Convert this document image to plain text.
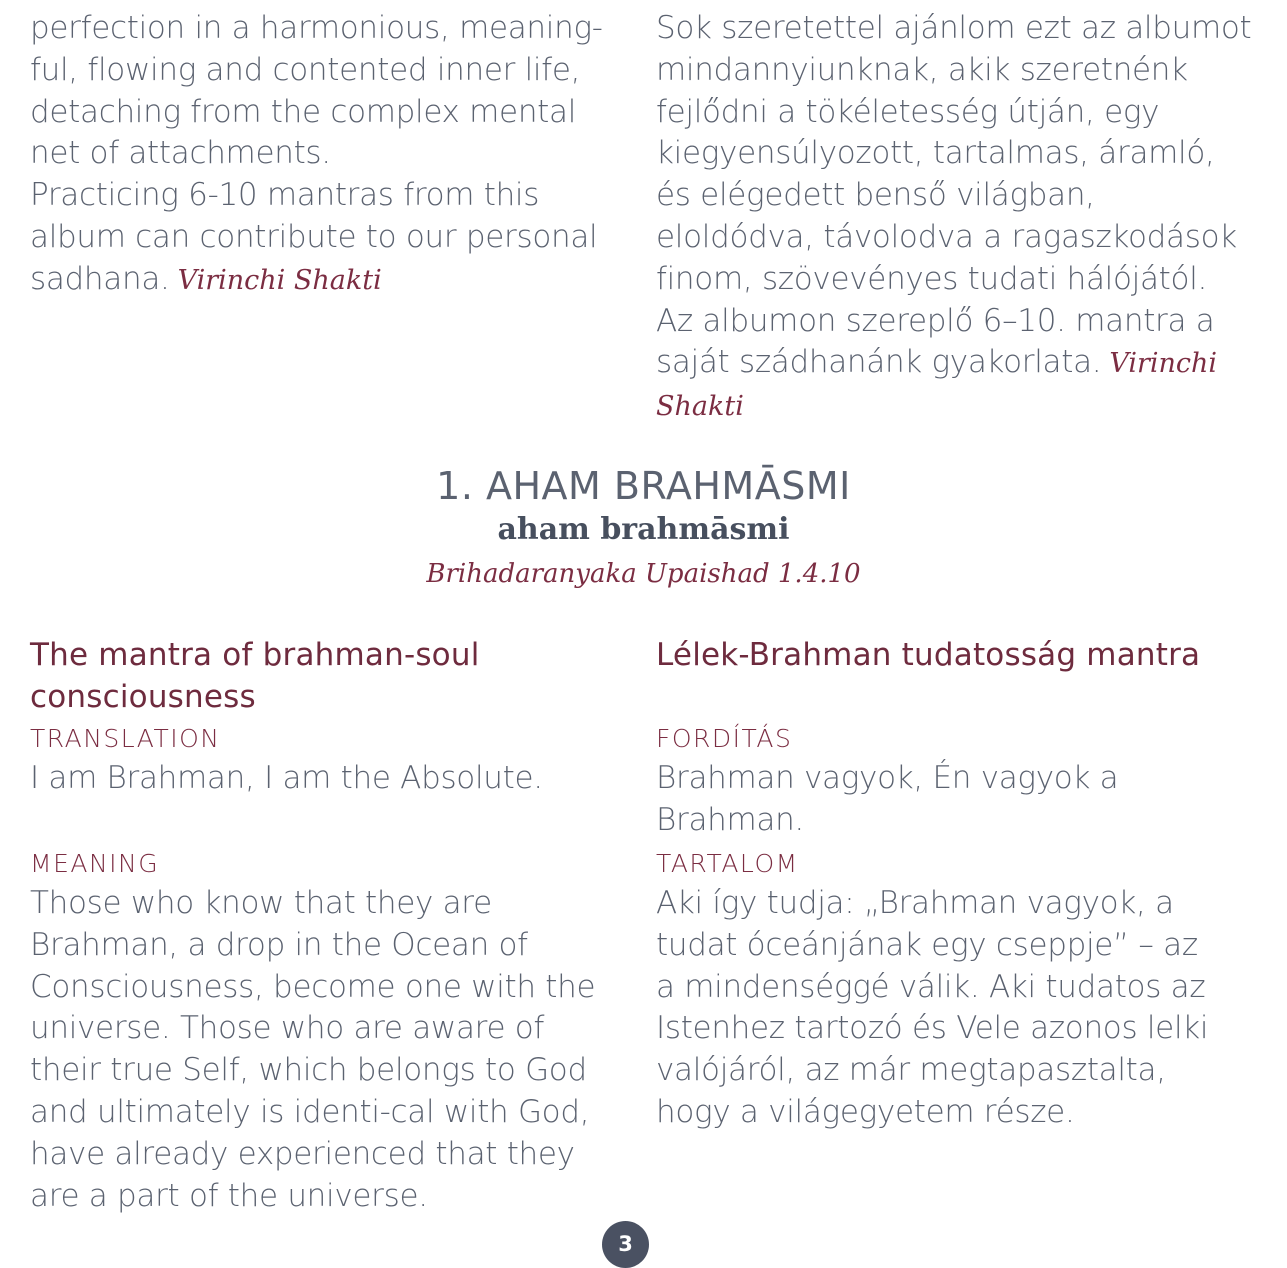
perfection in a harmonious, meaning-ful, flowing and contented inner life, detaching from the complex mental net of attachments.

Practicing 6-10 mantras from this album can contribute to our personal sadhana. Virinchi Shakti

Sok szeretettel ajánlom ezt az albumot mindannyiunknak, akik szeretnénk fejlődni a tökéletesség útján, egy kiegyensúlyozott, tartalmas, áramló, és elégedett benső világban, eloldódva, távolodva a ragaszkodások finom, szövevényes tudati hálójától.

Az albumon szereplő 6–10. mantra a saját szádhanánk gyakorlata. Virinchi Shakti

1. AHAM BRAHMĀSMI
aham brahmāsmi
Brihadaranyaka Upaishad 1.4.10
The mantra of brahman-soul consciousness
TRANSLATION

I am Brahman, I am the Absolute.

MEANING

Those who know that they are Brahman, a drop in the Ocean of Consciousness, become one with the universe. Those who are aware of their true Self, which belongs to God and ultimately is identi-cal with God, have already experienced that they are a part of the universe.

Lélek-Brahman tudatosság mantra
FORDÍTÁS

Brahman vagyok, Én vagyok a Brahman.

TARTALOM

Aki így tudja: „Brahman vagyok, a tudat óceánjának egy cseppje” – az a mindenséggé válik. Aki tudatos az Istenhez tartozó és Vele azonos lelki valójáról, az már megtapasztalta, hogy a világegyetem része.

3
